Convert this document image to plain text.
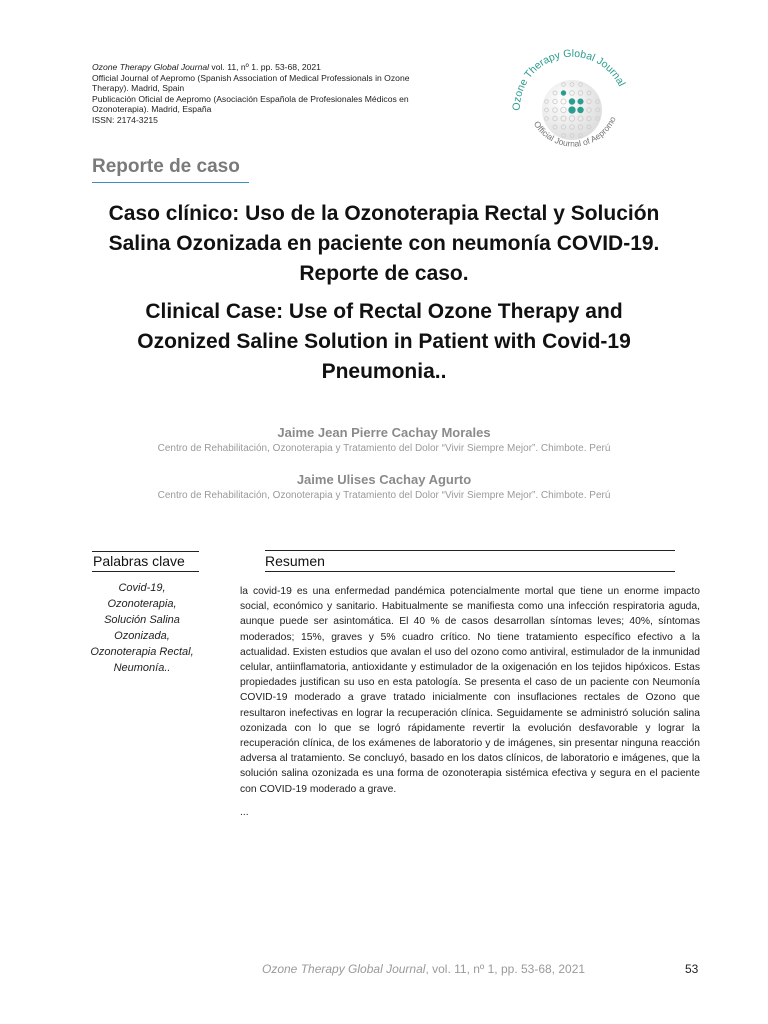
Ozone Therapy Global Journal vol. 11, nº 1. pp. 53-68, 2021
Official Journal of Aepromo (Spanish Association of Medical Professionals in Ozone
Therapy). Madrid, Spain
Publicación Oficial de Aepromo (Asociación Española de Profesionales Médicos en
Ozonoterapia). Madrid, España
ISSN: 2174-3215
Ozone Therapy Global Journal
Official Journal of Aepromo
Reporte de caso
Caso clínico: Uso de la Ozonoterapia Rectal y Solución
Salina Ozonizada en paciente con neumonía COVID-19.
Reporte de caso.
Clinical Case: Use of Rectal Ozone Therapy and
Ozonized Saline Solution in Patient with Covid-19
Pneumonia..
Jaime Jean Pierre Cachay Morales
Centro de Rehabilitación, Ozonoterapia y Tratamiento del Dolor “Vivir Siempre Mejor”. Chimbote. Perú
Jaime Ulises Cachay Agurto
Centro de Rehabilitación, Ozonoterapia y Tratamiento del Dolor “Vivir Siempre Mejor”. Chimbote. Perú
Palabras clave
Covid-19,
Ozonoterapia,
Solución Salina
Ozonizada,
Ozonoterapia Rectal,
Neumonía..
Resumen
la covid-19 es una enfermedad pandémica potencialmente mortal que tiene un enorme impacto social, económico y sanitario. Habitualmente se manifiesta como una infección respiratoria aguda, aunque puede ser asintomática. El 40 % de casos desarrollan síntomas leves; 40%, síntomas moderados; 15%, graves y 5% cuadro crítico. No tiene tratamiento específico efectivo a la actualidad. Existen estudios que avalan el uso del ozono como antiviral, estimulador de la inmunidad celular, antiinflamatoria, antioxidante y estimulador de la oxigenación en los tejidos hipóxicos. Estas propiedades justifican su uso en esta patología. Se presenta el caso de un paciente con Neumonía COVID-19 moderado a grave tratado inicialmente con insuflaciones rectales de Ozono que resultaron inefectivas en lograr la recuperación clínica. Seguidamente se administró solución salina ozonizada con lo que se logró rápidamente revertir la evolución desfavorable y lograr la recuperación clínica, de los exámenes de laboratorio y de imágenes, sin presentar ninguna reacción adversa al tratamiento. Se concluyó, basado en los datos clínicos, de laboratorio e imágenes, que la solución salina ozonizada es una forma de ozonoterapia sistémica efectiva y segura en el paciente con COVID-19 moderado a grave.
...
Ozone Therapy Global Journal, vol. 11, nº 1, pp. 53-68, 2021	53
